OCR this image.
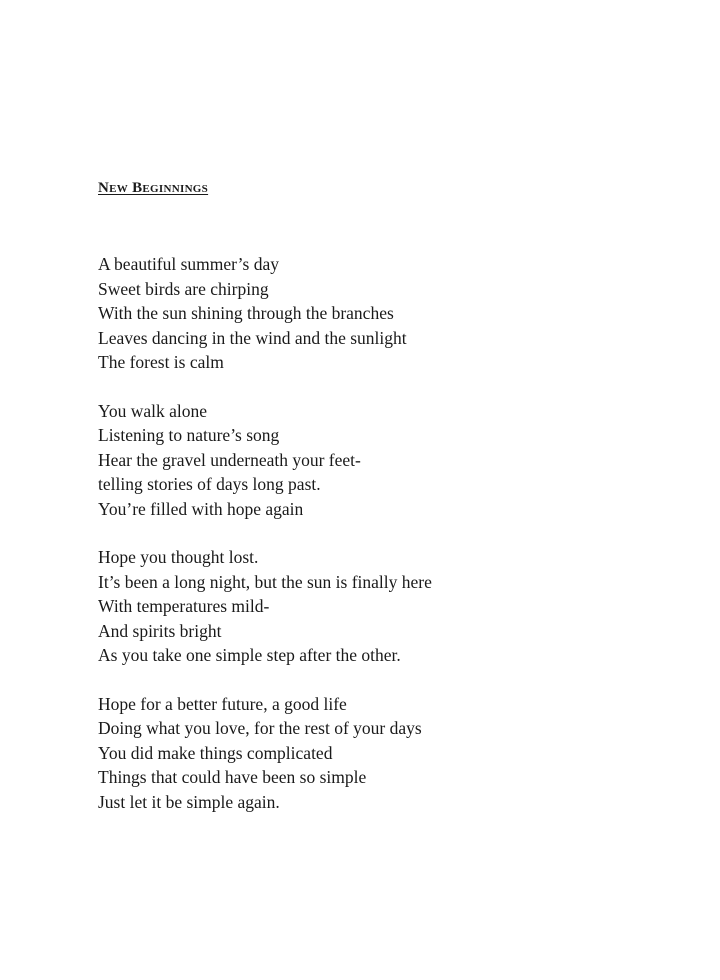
New Beginnings

A beautiful summer’s day
Sweet birds are chirping
With the sun shining through the branches
Leaves dancing in the wind and the sunlight
The forest is calm

You walk alone
Listening to nature’s song
Hear the gravel underneath your feet-
telling stories of days long past.
You’re filled with hope again

Hope you thought lost.
It’s been a long night, but the sun is finally here
With temperatures mild-
And spirits bright
As you take one simple step after the other.

Hope for a better future, a good life
Doing what you love, for the rest of your days
You did make things complicated
Things that could have been so simple
Just let it be simple again.
